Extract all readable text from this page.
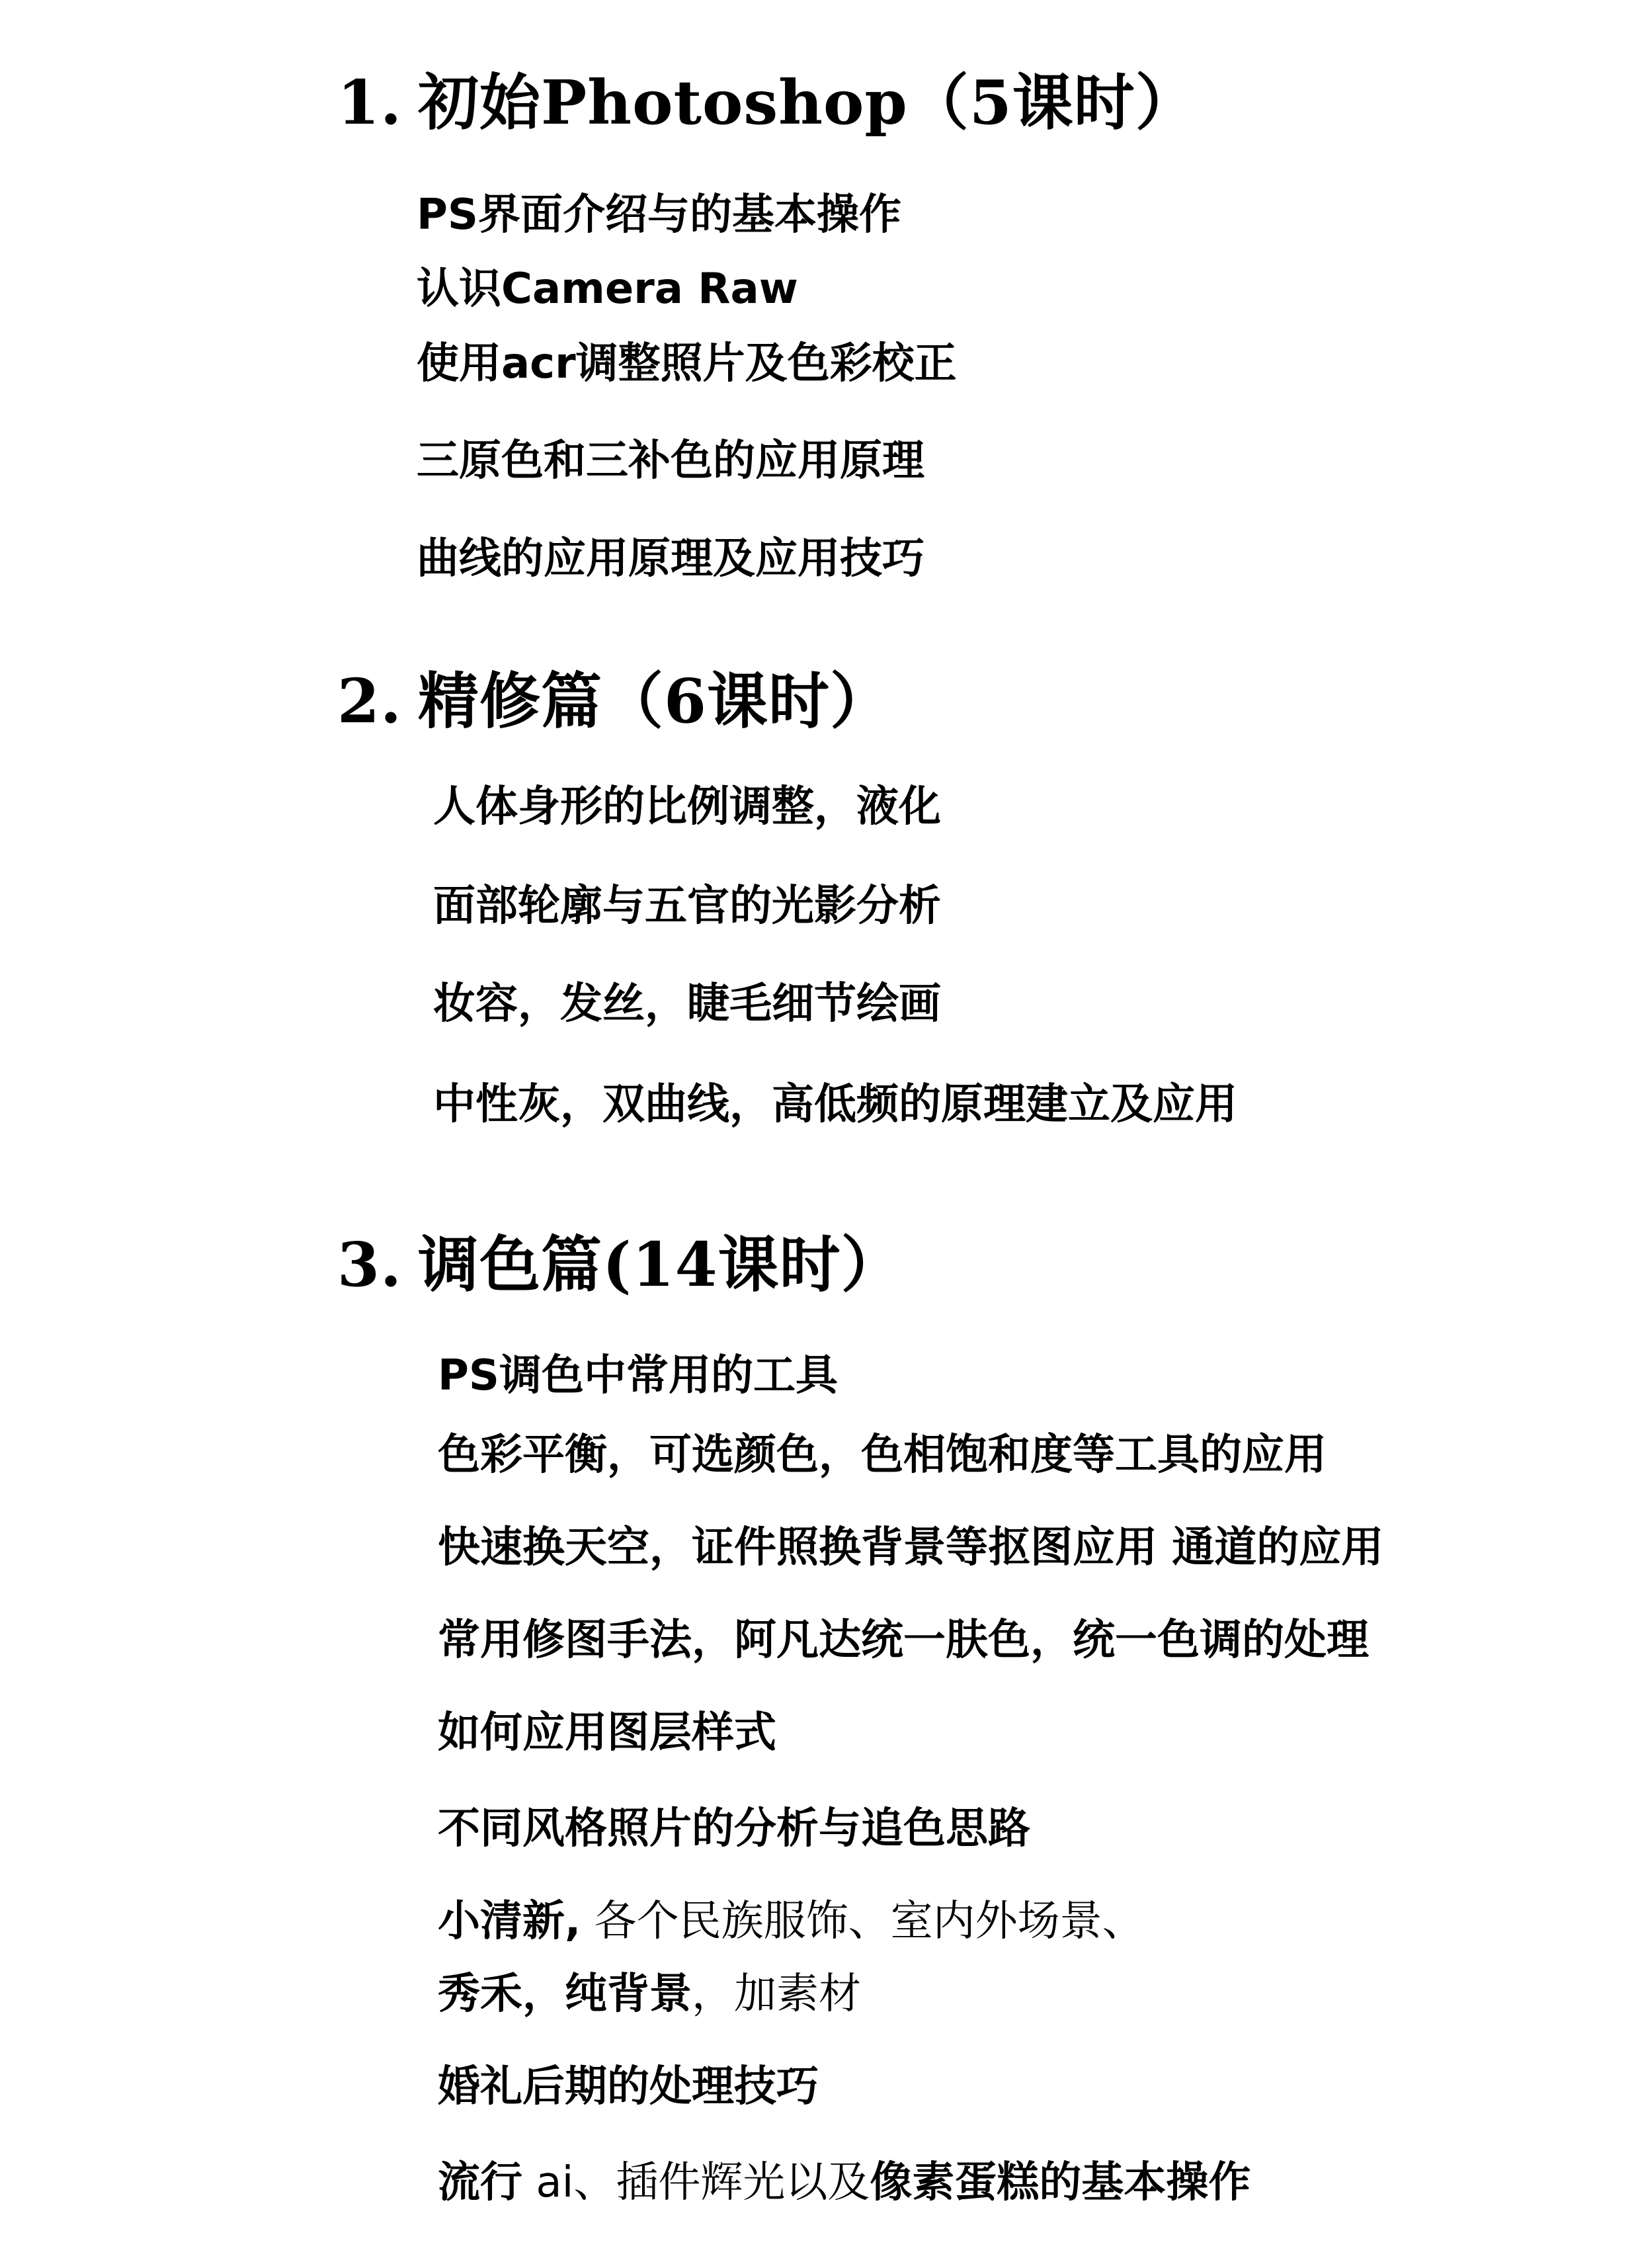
1. 初始Photoshop（5课时）

PS界面介绍与的基本操作

认识Camera Raw

使用acr调整照片及色彩校正

三原色和三补色的应用原理

曲线的应用原理及应用技巧

2. 精修篇（6课时）

人体身形的比例调整，液化

面部轮廓与五官的光影分析

妆容，发丝，睫毛细节绘画

中性灰，双曲线，高低频的原理建立及应用

3. 调色篇(14课时）

PS调色中常用的工具

色彩平衡，可选颜色，色相饱和度等工具的应用

快速换天空，证件照换背景等抠图应用 通道的应用

常用修图手法，阿凡达统一肤色，统一色调的处理

如何应用图层样式

不同风格照片的分析与追色思路

小清新, 各个民族服饰、室内外场景、

秀禾，纯背景，加素材

婚礼后期的处理技巧

流行 ai、插件辉光以及像素蛋糕的基本操作
